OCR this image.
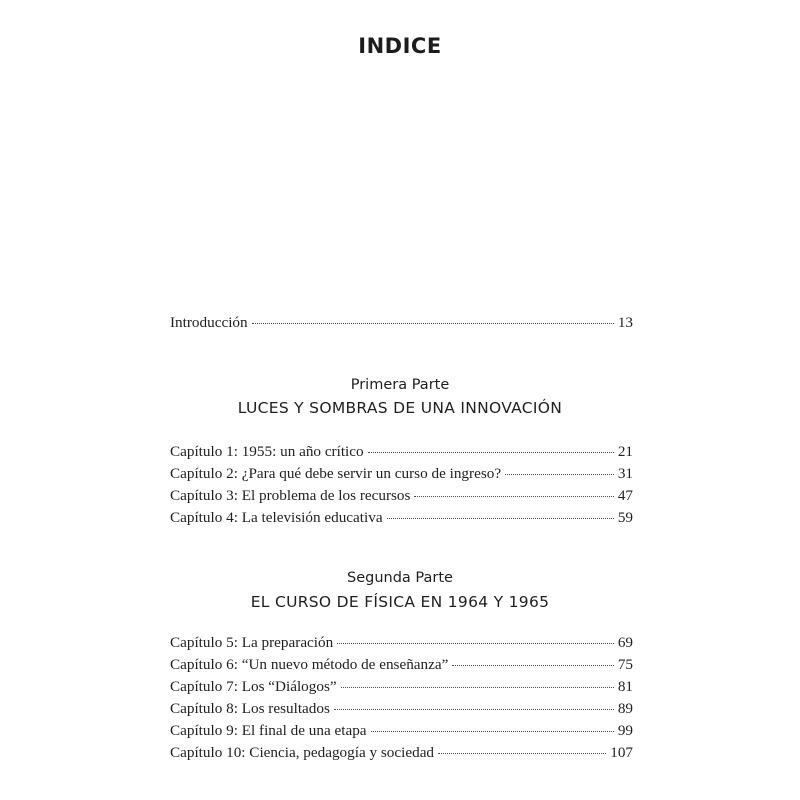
INDICE
Introducción	13
Primera Parte
LUCES Y SOMBRAS DE UNA INNOVACIÓN
Capítulo 1: 1955: un año crítico	21
Capítulo 2: ¿Para qué debe servir un curso de ingreso?	31
Capítulo 3: El problema de los recursos	47
Capítulo 4: La televisión educativa	59
Segunda Parte
EL CURSO DE FÍSICA EN 1964 Y 1965
Capítulo 5: La preparación	69
Capítulo 6: “Un nuevo método de enseñanza”	75
Capítulo 7: Los “Diálogos”	81
Capítulo 8: Los resultados	89
Capítulo 9: El final de una etapa	99
Capítulo 10: Ciencia, pedagogía y sociedad	107
